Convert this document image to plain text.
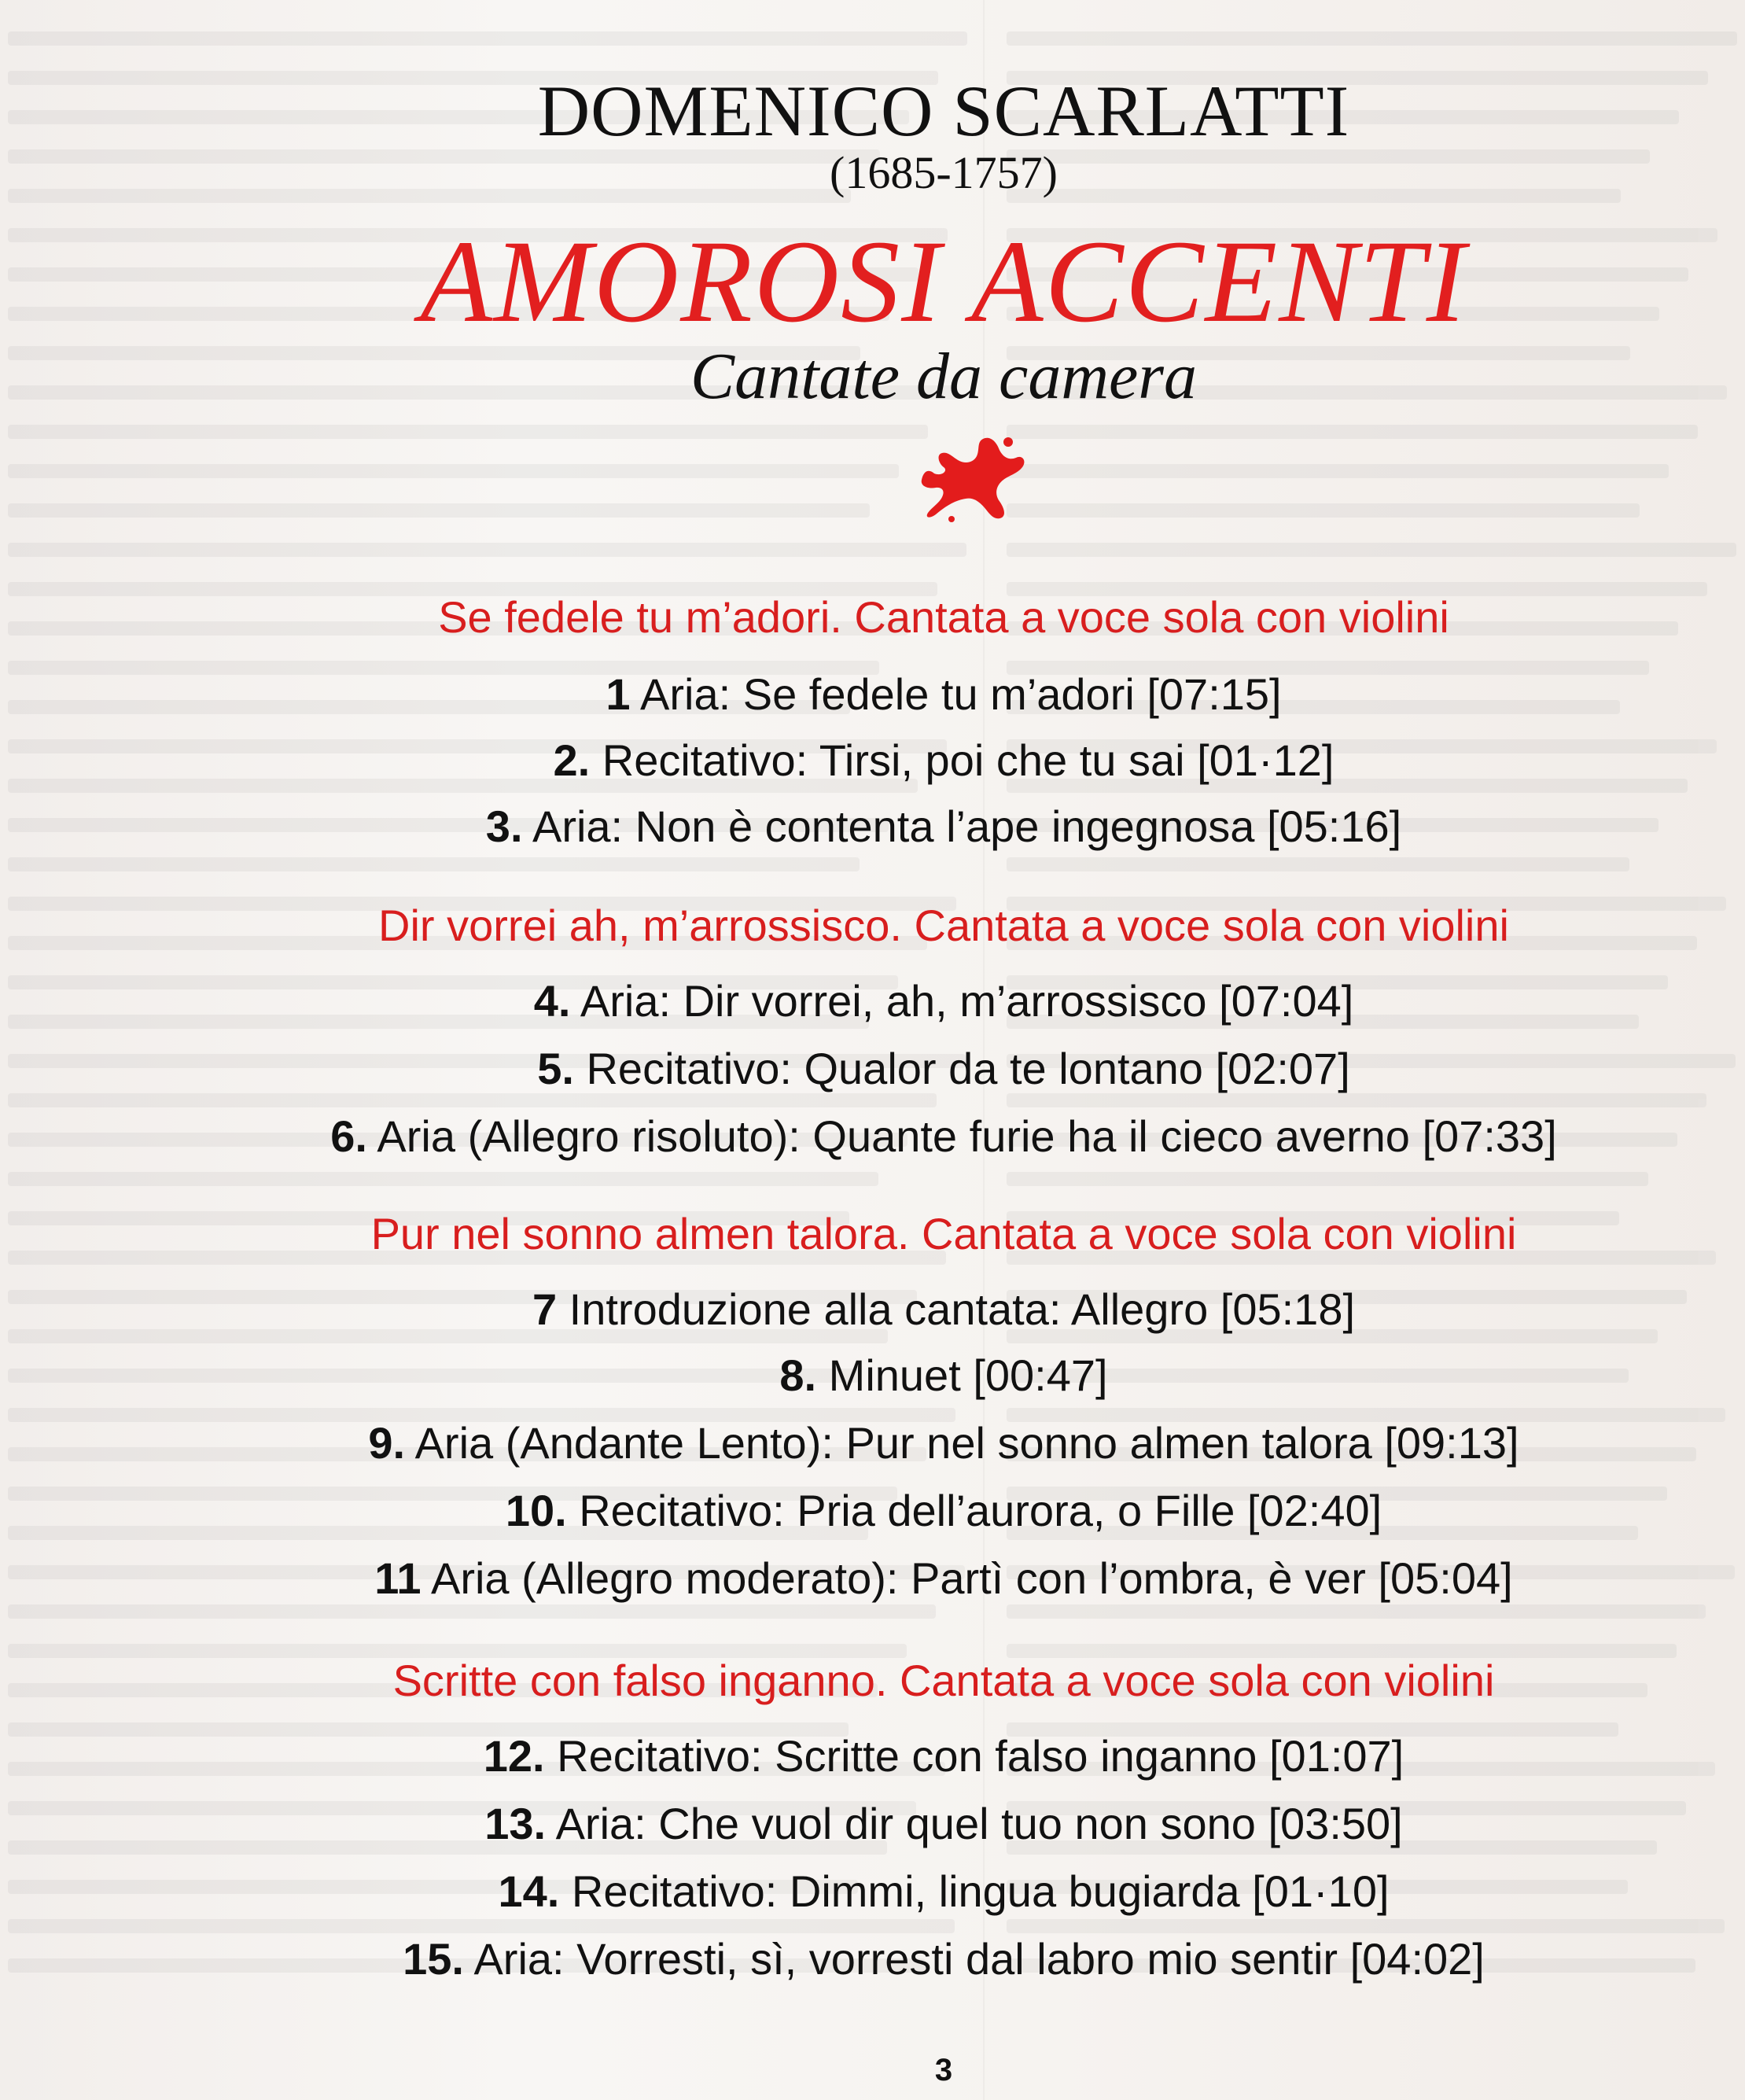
DOMENICO SCARLATTI
(1685-1757)
AMOROSI ACCENTI
Cantate da camera
Se fedele tu m’adori. Cantata a voce sola con violini
1 Aria: Se fedele tu m’adori [07:15]
2. Recitativo: Tirsi, poi che tu sai [01·12]
3. Aria: Non è contenta l’ape ingegnosa [05:16]
Dir vorrei ah, m’arrossisco. Cantata a voce sola con violini
4. Aria: Dir vorrei, ah, m’arrossisco [07:04]
5. Recitativo: Qualor da te lontano [02:07]
6. Aria (Allegro risoluto): Quante furie ha il cieco averno [07:33]
Pur nel sonno almen talora. Cantata a voce sola con violini
7 Introduzione alla cantata: Allegro [05:18]
8. Minuet [00:47]
9. Aria (Andante Lento): Pur nel sonno almen talora [09:13]
10. Recitativo: Pria dell’aurora, o Fille [02:40]
11 Aria (Allegro moderato): Partì con l’ombra, è ver [05:04]
Scritte con falso inganno. Cantata a voce sola con violini
12. Recitativo: Scritte con falso inganno [01:07]
13. Aria: Che vuol dir quel tuo non sono [03:50]
14. Recitativo: Dimmi, lingua bugiarda [01·10]
15. Aria: Vorresti, sì, vorresti dal labro mio sentir [04:02]
3
